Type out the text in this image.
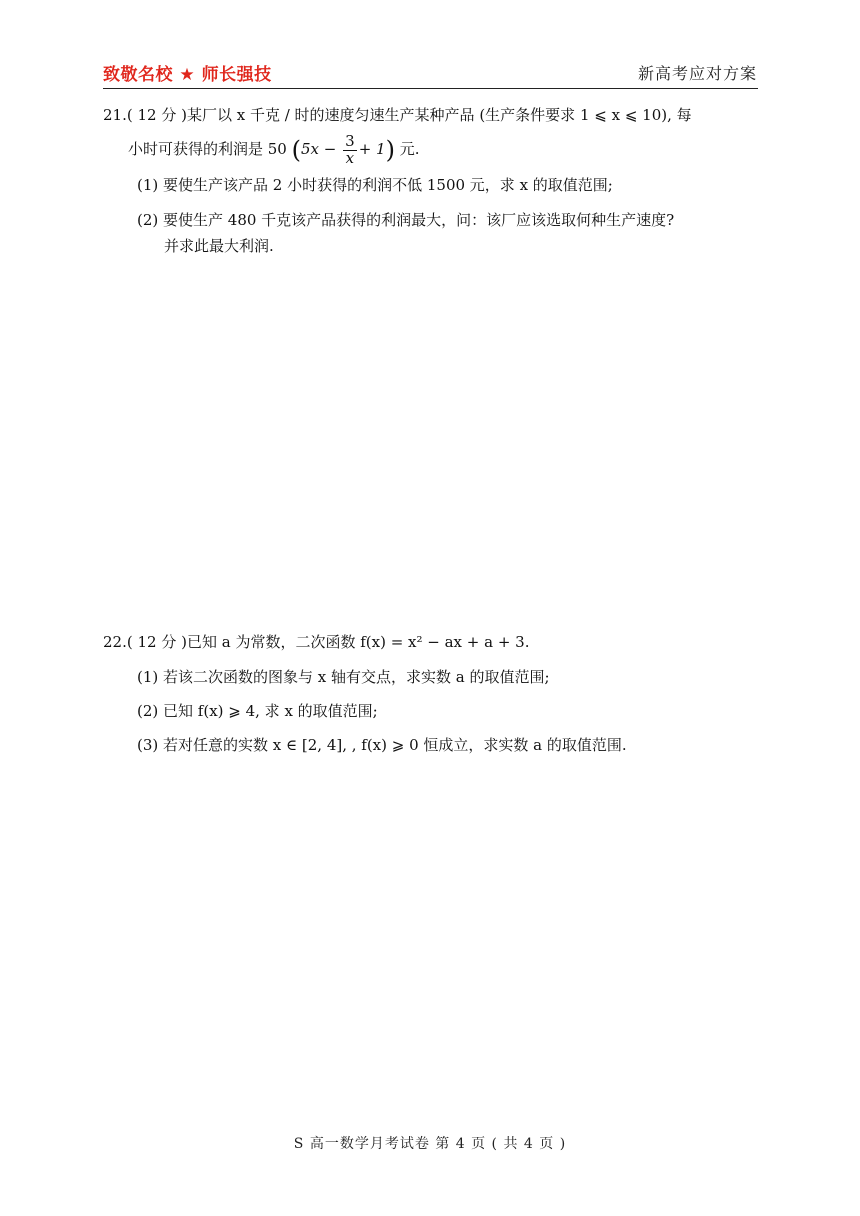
致敬名校 ★ 师长强技	新高考应对方案
21.( 12 分 )某厂以 x 千克 / 时的速度匀速生产某种产品 (生产条件要求 1 ⩽ x ⩽ 10), 每
小时可获得的利润是 50 $(5x - \frac{3}{x} + 1)$ 元.
(1) 要使生产该产品 2 小时获得的利润不低 1500 元，求 x 的取值范围;
(2) 要使生产 480 千克该产品获得的利润最大，问：该厂应该选取何种生产速度?
并求此最大利润.
22.( 12 分 )已知 a 为常数，二次函数 f(x) = x² − ax + a + 3.
(1) 若该二次函数的图象与 x 轴有交点，求实数 a 的取值范围;
(2) 已知 f(x) ⩾ 4, 求 x 的取值范围;
(3) 若对任意的实数 x ∈ [2, 4], , f(x) ⩾ 0 恒成立，求实数 a 的取值范围.
S 高一数学月考试卷 第 4 页 ( 共 4 页 )
